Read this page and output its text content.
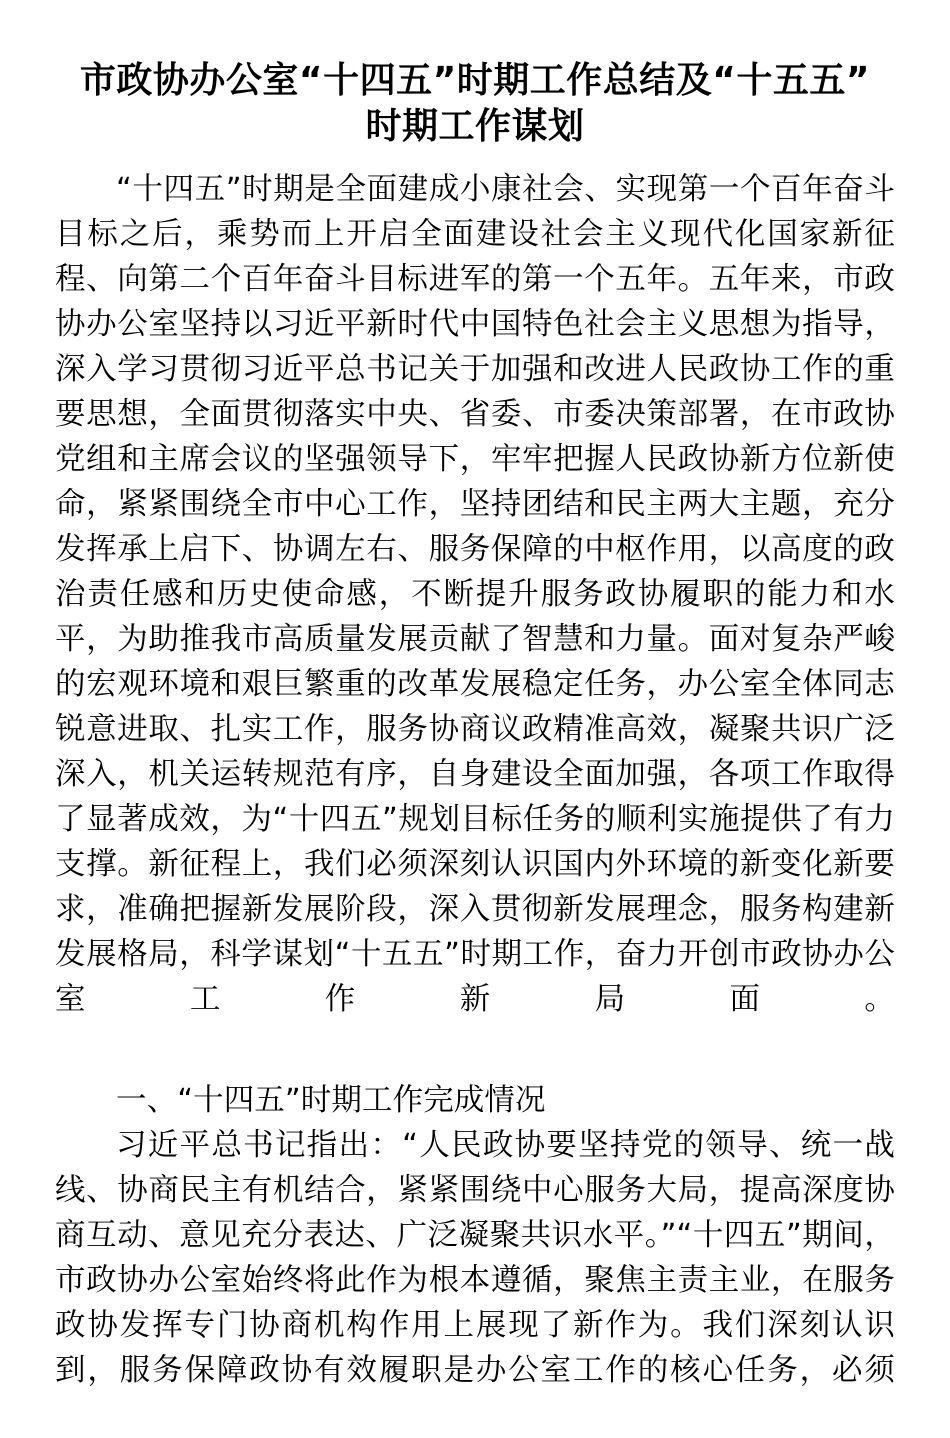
市政协办公室“十四五”时期工作总结及“十五五”
时期工作谋划

“十四五”时期是全面建成小康社会、实现第一个百年奋斗目标之后，乘势而上开启全面建设社会主义现代化国家新征程、向第二个百年奋斗目标进军的第一个五年。五年来，市政协办公室坚持以习近平新时代中国特色社会主义思想为指导，深入学习贯彻习近平总书记关于加强和改进人民政协工作的重要思想，全面贯彻落实中央、省委、市委决策部署，在市政协党组和主席会议的坚强领导下，牢牢把握人民政协新方位新使命，紧紧围绕全市中心工作，坚持团结和民主两大主题，充分发挥承上启下、协调左右、服务保障的中枢作用，以高度的政治责任感和历史使命感，不断提升服务政协履职的能力和水平，为助推我市高质量发展贡献了智慧和力量。面对复杂严峻的宏观环境和艰巨繁重的改革发展稳定任务，办公室全体同志锐意进取、扎实工作，服务协商议政精准高效，凝聚共识广泛深入，机关运转规范有序，自身建设全面加强，各项工作取得了显著成效，为“十四五”规划目标任务的顺利实施提供了有力支撑。新征程上，我们必须深刻认识国内外环境的新变化新要求，准确把握新发展阶段，深入贯彻新发展理念，服务构建新发展格局，科学谋划“十五五”时期工作，奋力开创市政协办公室工作新局面。

一、“十四五”时期工作完成情况

习近平总书记指出：“人民政协要坚持党的领导、统一战线、协商民主有机结合，紧紧围绕中心服务大局，提高深度协商互动、意见充分表达、广泛凝聚共识水平。”“十四五”期间，市政协办公室始终将此作为根本遵循，聚焦主责主业，在服务政协发挥专门协商机构作用上展现了新作为。我们深刻认识到，服务保障政协有效履职是办公室工作的核心任务，必须
